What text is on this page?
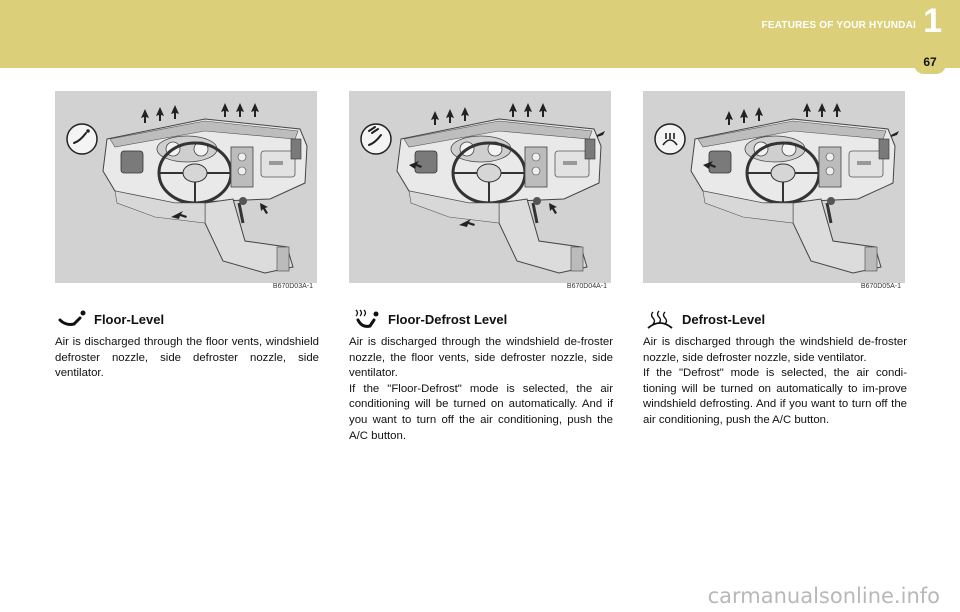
FEATURES OF YOUR HYUNDAI 1
67
B670D03A-1
Floor-Level

Air is discharged through the floor vents, windshield defroster nozzle, side defroster nozzle, side ventilator.

B670D04A-1
Floor-Defrost Level

Air is discharged through the windshield de-froster nozzle, the floor vents, side defroster nozzle, side ventilator.

If the "Floor-Defrost" mode is selected, the air conditioning will be turned on automatically. And if you want to turn off the air conditioning, push the A/C button.

B670D05A-1
Defrost-Level

Air is discharged through the windshield de-froster nozzle, side defroster nozzle, side ventilator.

If the "Defrost" mode is selected, the air condi-tioning will be turned on automatically to im-prove windshield defrosting. And if you want to turn off the air conditioning, push the A/C button.

carmanualsonline.info
